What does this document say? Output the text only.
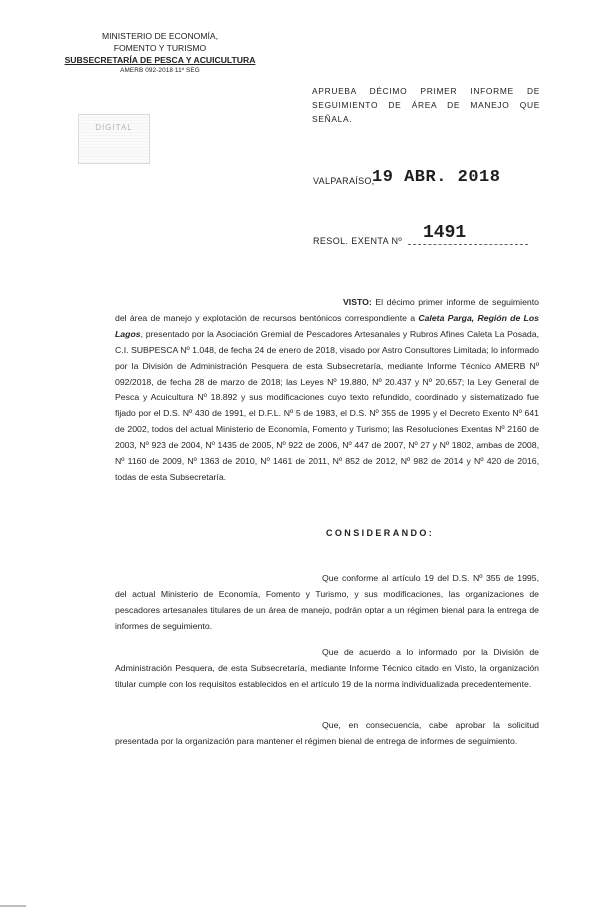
MINISTERIO DE ECONOMÍA,
FOMENTO Y TURISMO
SUBSECRETARÍA DE PESCA Y ACUICULTURA
AMERB 092-2018 11º SEG
DIGITAL
APRUEBA DÉCIMO PRIMER INFORME DE SEGUIMIENTO DE ÁREA DE MANEJO QUE SEÑALA.
VALPARAÍSO,
19 ABR. 2018
RESOL. EXENTA Nº 1491
VISTO: El décimo primer informe de seguimiento del área de manejo y explotación de recursos bentónicos correspondiente a Caleta Parga, Región de Los Lagos, presentado por la Asociación Gremial de Pescadores Artesanales y Rubros Afines Caleta La Posada, C.I. SUBPESCA Nº 1.048, de fecha 24 de enero de 2018, visado por Astro Consultores Limitada; lo informado por la División de Administración Pesquera de esta Subsecretaría, mediante Informe Técnico AMERB Nº 092/2018, de fecha 28 de marzo de 2018; las Leyes Nº 19.880, Nº 20.437 y Nº 20.657; la Ley General de Pesca y Acuicultura Nº 18.892 y sus modificaciones cuyo texto refundido, coordinado y sistematizado fue fijado por el D.S. Nº 430 de 1991, el D.F.L. Nº 5 de 1983, el D.S. Nº 355 de 1995 y el Decreto Exento Nº 641 de 2002, todos del actual Ministerio de Economía, Fomento y Turismo; las Resoluciones Exentas Nº 2160 de 2003, Nº 923 de 2004, Nº 1435 de 2005, Nº 922 de 2006, Nº 447 de 2007, Nº 27 y Nº 1802, ambas de 2008, Nº 1160 de 2009, Nº 1363 de 2010, Nº 1461 de 2011, Nº 852 de 2012, Nº 982 de 2014 y Nº 420 de 2016, todas de esta Subsecretaría.
CONSIDERANDO:
Que conforme al artículo 19 del D.S. Nº 355 de 1995, del actual Ministerio de Economía, Fomento y Turismo, y sus modificaciones, las organizaciones de pescadores artesanales titulares de un área de manejo, podrán optar a un régimen bienal para la entrega de informes de seguimiento.
Que de acuerdo a lo informado por la División de Administración Pesquera, de esta Subsecretaría, mediante Informe Técnico citado en Visto, la organización titular cumple con los requisitos establecidos en el artículo 19 de la norma individualizada precedentemente.
Que, en consecuencia, cabe aprobar la solicitud presentada por la organización para mantener el régimen bienal de entrega de informes de seguimiento.
